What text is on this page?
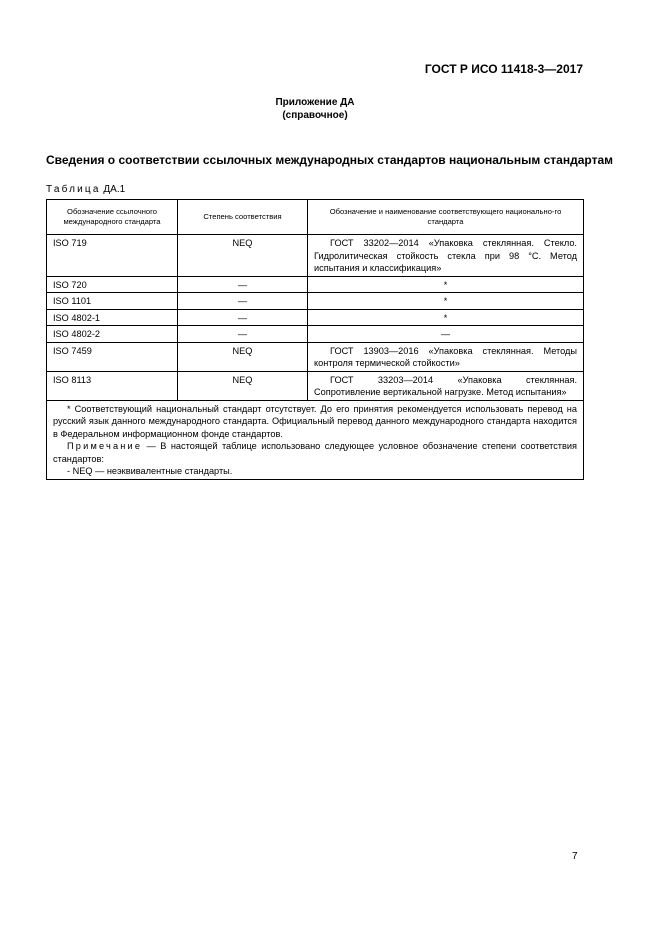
ГОСТ Р ИСО 11418-3—2017
Приложение ДА
(справочное)
Сведения о соответствии ссылочных международных стандартов национальным стандартам
Таблица ДА.1
Обозначение ссылочного международного стандарта	Степень соответствия	Обозначение и наименование соответствующего национально-го стандарта
ISO 719	NEQ	ГОСТ 33202—2014 «Упаковка стеклянная. Стекло. Гидролитическая стойкость стекла при 98 °С. Метод испытания и классификация»
ISO 720	—	*
ISO 1101	—	*
ISO 4802-1	—	*
ISO 4802-2	—	—
ISO 7459	NEQ	ГОСТ 13903—2016 «Упаковка стеклянная. Методы контроля термической стойкости»
ISO 8113	NEQ	ГОСТ 33203—2014 «Упаковка стеклянная. Сопротивление вертикальной нагрузке. Метод испытания»

* Соответствующий национальный стандарт отсутствует. До его принятия рекомендуется использовать перевод на русский язык данного международного стандарта. Официальный перевод данного международного стандарта находится в Федеральном информационном фонде стандартов.

Примечание — В настоящей таблице использовано следующее условное обозначение степени соответствия стандартов:

- NEQ — неэквивалентные стандарты.		

7
